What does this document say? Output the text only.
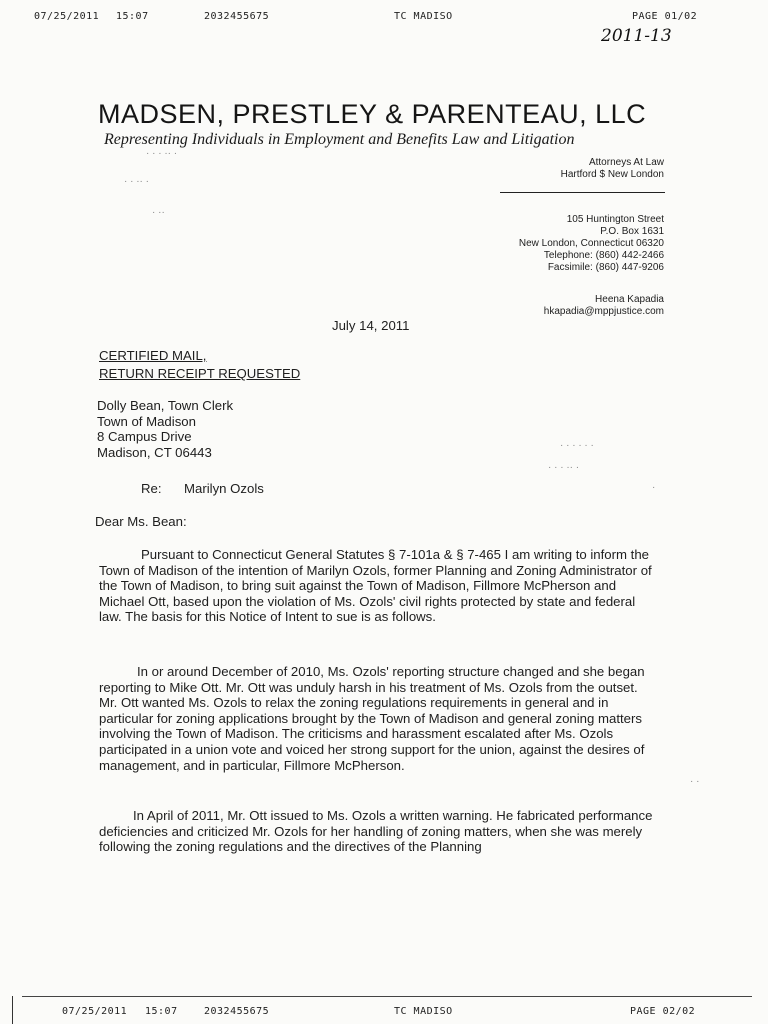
07/25/2011 15:07	2032455675	TC MADISO	PAGE 01/02
2011-13
MADSEN, PRESTLEY & PARENTEAU, LLC
Representing Individuals in Employment and Benefits Law and Litigation
Attorneys At Law
Hartford $ New London
105 Huntington Street
P.O. Box 1631
New London, Connecticut 06320
Telephone: (860) 442-2466
Facsimile: (860) 447-9206
Heena Kapadia
hkapadia@mppjustice.com
July 14, 2011
CERTIFIED MAIL,
RETURN RECEIPT REQUESTED
Dolly Bean, Town Clerk
Town of Madison
8 Campus Drive
Madison, CT 06443
Re: Marilyn Ozols
Dear Ms. Bean:
Pursuant to Connecticut General Statutes § 7-101a & § 7-465 I am writing to inform the Town of Madison of the intention of Marilyn Ozols, former Planning and Zoning Administrator of the Town of Madison, to bring suit against the Town of Madison, Fillmore McPherson and Michael Ott, based upon the violation of Ms. Ozols' civil rights protected by state and federal law. The basis for this Notice of Intent to sue is as follows.
In or around December of 2010, Ms. Ozols' reporting structure changed and she began reporting to Mike Ott. Mr. Ott was unduly harsh in his treatment of Ms. Ozols from the outset. Mr. Ott wanted Ms. Ozols to relax the zoning regulations requirements in general and in particular for zoning applications brought by the Town of Madison and general zoning matters involving the Town of Madison. The criticisms and harassment escalated after Ms. Ozols participated in a union vote and voiced her strong support for the union, against the desires of management, and in particular, Fillmore McPherson.
In April of 2011, Mr. Ott issued to Ms. Ozols a written warning. He fabricated performance deficiencies and criticized Mr. Ozols for her handling of zoning matters, when she was merely following the zoning regulations and the directives of the Planning
· · · ·· ·
· · ·· ·
· ··
· · · · · ·
· · · ·· ·
·
· ·
07/25/2011 15:07	2032455675	TC MADISO	PAGE 02/02
